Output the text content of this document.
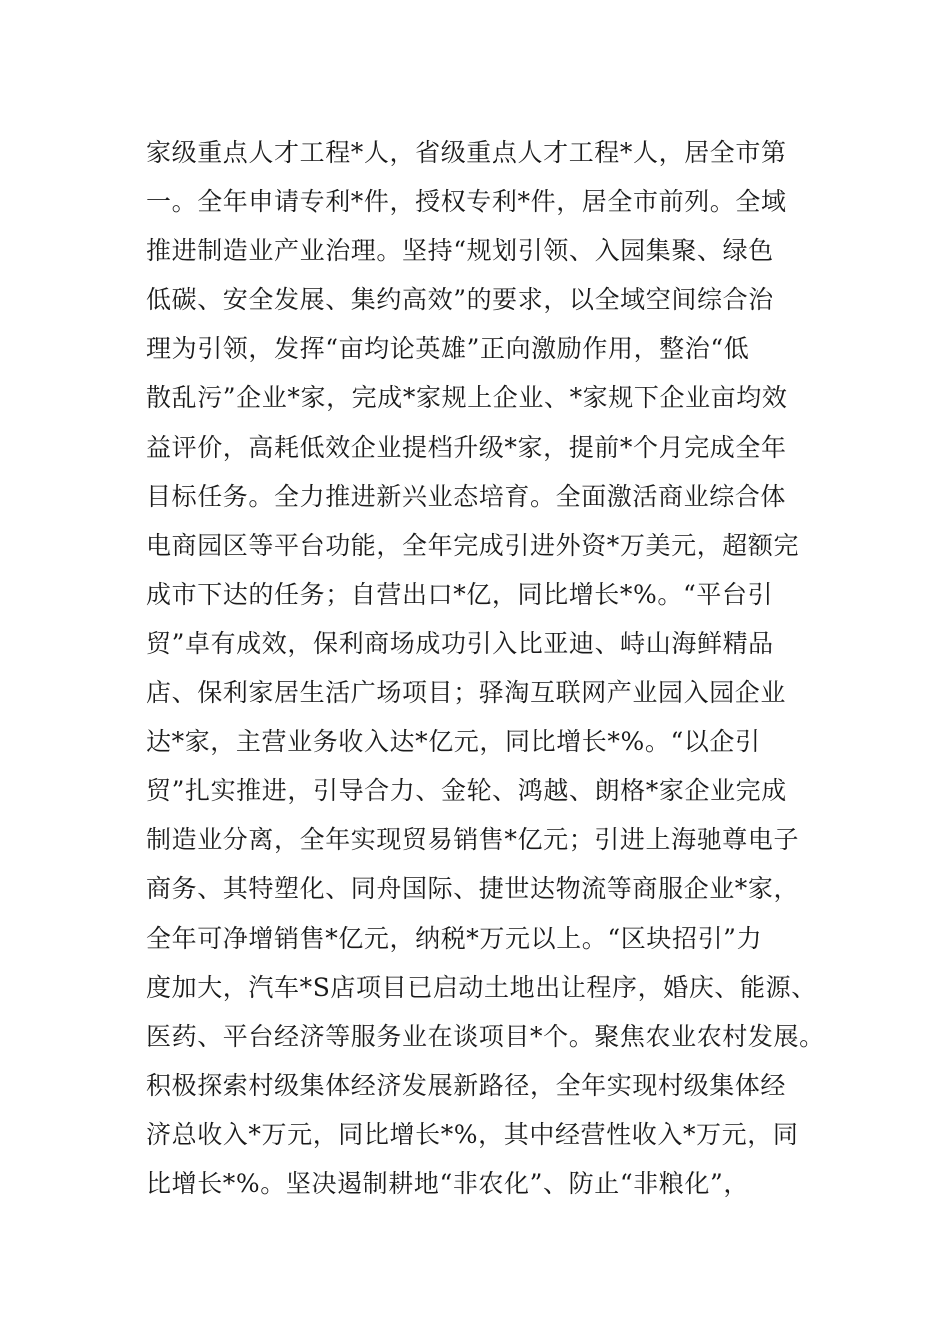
家级重点人才工程*人，省级重点人才工程*人，居全市第
一。全年申请专利*件，授权专利*件，居全市前列。全域
推进制造业产业治理。坚持“规划引领、入园集聚、绿色
低碳、安全发展、集约高效”的要求，以全域空间综合治
理为引领，发挥“亩均论英雄”正向激励作用，整治“低
散乱污”企业*家，完成*家规上企业、*家规下企业亩均效
益评价，高耗低效企业提档升级*家，提前*个月完成全年
目标任务。全力推进新兴业态培育。全面激活商业综合体
电商园区等平台功能，全年完成引进外资*万美元，超额完
成市下达的任务；自营出口*亿，同比增长*%。“平台引
贸”卓有成效，保利商场成功引入比亚迪、峙山海鲜精品
店、保利家居生活广场项目；驿淘互联网产业园入园企业
达*家，主营业务收入达*亿元，同比增长*%。“以企引
贸”扎实推进，引导合力、金轮、鸿越、朗格*家企业完成
制造业分离，全年实现贸易销售*亿元；引进上海驰尊电子
商务、其特塑化、同舟国际、捷世达物流等商服企业*家，
全年可净增销售*亿元，纳税*万元以上。“区块招引”力
度加大，汽车*S店项目已启动土地出让程序，婚庆、能源、
医药、平台经济等服务业在谈项目*个。聚焦农业农村发展。
积极探索村级集体经济发展新路径，全年实现村级集体经
济总收入*万元，同比增长*%，其中经营性收入*万元，同
比增长*%。坚决遏制耕地“非农化”、防止“非粮化”，
